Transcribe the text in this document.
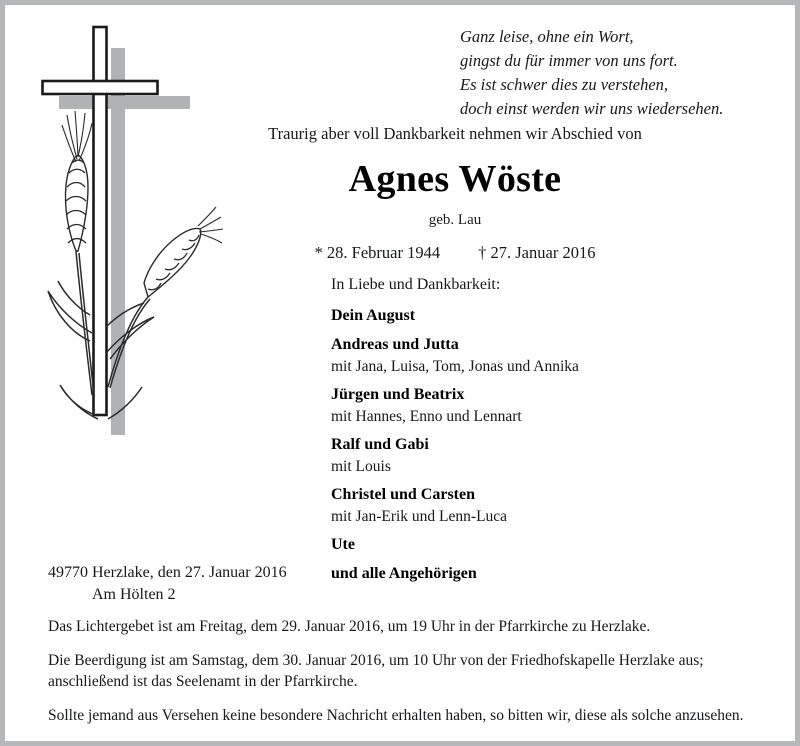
Ganz leise, ohne ein Wort,
gingst du für immer von uns fort.
Es ist schwer dies zu verstehen,
doch einst werden wir uns wiedersehen.
Traurig aber voll Dankbarkeit nehmen wir Abschied von
Agnes Wöste
geb. Lau
* 28. Februar 1944 † 27. Januar 2016
In Liebe und Dankbarkeit:
Dein August
Andreas und Jutta
mit Jana, Luisa, Tom, Jonas und Annika
Jürgen und Beatrix
mit Hannes, Enno und Lennart
Ralf und Gabi
mit Louis
Christel und Carsten
mit Jan-Erik und Lenn-Luca
Ute
und alle Angehörigen
49770 Herzlake, den 27. Januar 2016
Am Hölten 2

Das Lichtergebet ist am Freitag, dem 29. Januar 2016, um 19 Uhr in der Pfarrkirche zu Herzlake.

Die Beerdigung ist am Samstag, dem 30. Januar 2016, um 10 Uhr von der Friedhofskapelle Herzlake aus; anschließend ist das Seelenamt in der Pfarrkirche.

Sollte jemand aus Versehen keine besondere Nachricht erhalten haben, so bitten wir, diese als solche anzusehen.
